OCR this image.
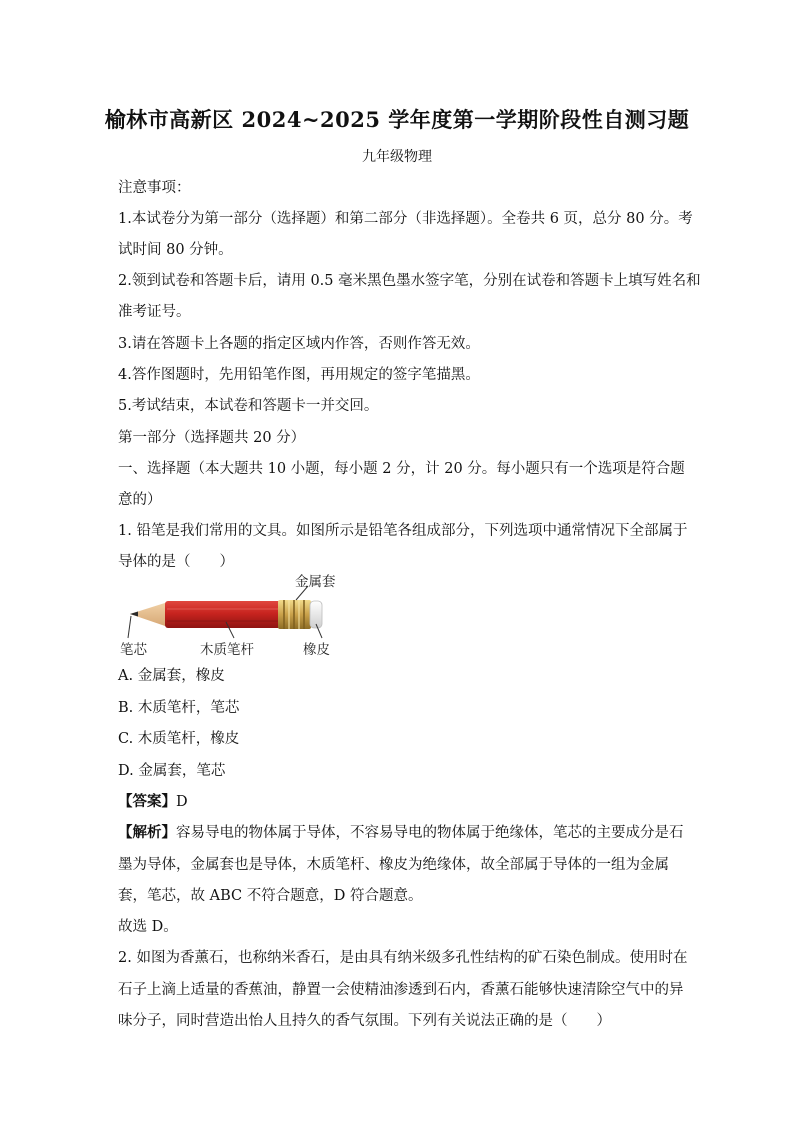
榆林市高新区 2024~2025 学年度第一学期阶段性自测习题
九年级物理
注意事项：
1.本试卷分为第一部分（选择题）和第二部分（非选择题）。全卷共 6 页，总分 80 分。考
试时间 80 分钟。
2.领到试卷和答题卡后，请用 0.5 毫米黑色墨水签字笔，分别在试卷和答题卡上填写姓名和
准考证号。
3.请在答题卡上各题的指定区域内作答，否则作答无效。
4.答作图题时，先用铅笔作图，再用规定的签字笔描黑。
5.考试结束，本试卷和答题卡一并交回。
第一部分（选择题共 20 分）
一、选择题（本大题共 10 小题，每小题 2 分，计 20 分。每小题只有一个选项是符合题
意的）
1. 铅笔是我们常用的文具。如图所示是铅笔各组成部分，下列选项中通常情况下全部属于
导体的是（　　）
金属套
笔芯	木质笔杆	橡皮
A. 金属套，橡皮
B. 木质笔杆，笔芯
C. 木质笔杆，橡皮
D. 金属套，笔芯
【答案】D
【解析】容易导电的物体属于导体，不容易导电的物体属于绝缘体，笔芯的主要成分是石
墨为导体，金属套也是导体，木质笔杆、橡皮为绝缘体，故全部属于导体的一组为金属
套，笔芯，故 ABC 不符合题意，D 符合题意。
故选 D。
2. 如图为香薰石，也称纳米香石，是由具有纳米级多孔性结构的矿石染色制成。使用时在
石子上滴上适量的香蕉油，静置一会使精油渗透到石内，香薰石能够快速清除空气中的异
味分子，同时营造出怡人且持久的香气氛围。下列有关说法正确的是（　　）
